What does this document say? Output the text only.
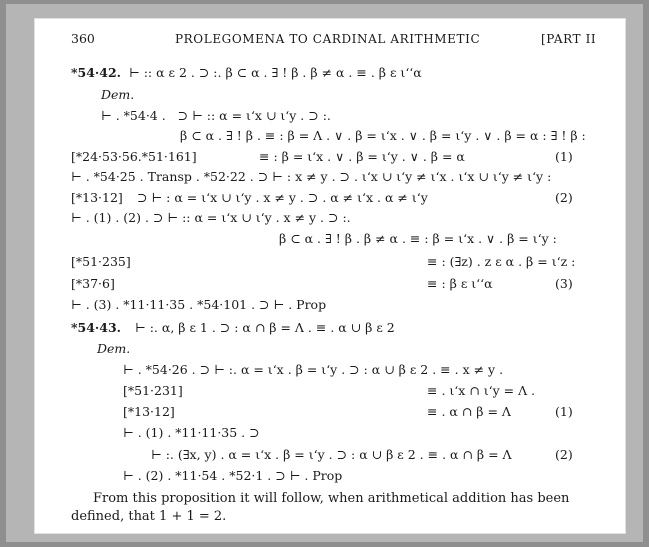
360	PROLEGOMENA TO CARDINAL ARITHMETIC	[PART II
*54·42. ⊢ :: α ε 2 . ⊃ :. β ⊂ α . ∃ ! β . β ≠ α . ≡ . β ε ι‘‘α
Dem.
⊢ . *54·4 .   ⊃ ⊢ :: α = ι‘x ∪ ι‘y . ⊃ :.
β ⊂ α . ∃ ! β . ≡ : β = Λ . ∨ . β = ι‘x . ∨ . β = ι‘y . ∨ . β = α : ∃ ! β :
[*24·53·56.*51·161]	≡ : β = ι‘x . ∨ . β = ι‘y . ∨ . β = α	(1)
⊢ . *54·25 . Transp . *52·22 . ⊃ ⊢ : x ≠ y . ⊃ . ι‘x ∪ ι‘y ≠ ι‘x . ι‘x ∪ ι‘y ≠ ι‘y :
[*13·12] ⊃ ⊢ : α = ι‘x ∪ ι‘y . x ≠ y . ⊃ . α ≠ ι‘x . α ≠ ι‘y	(2)
⊢ . (1) . (2) . ⊃ ⊢ :: α = ι‘x ∪ ι‘y . x ≠ y . ⊃ :.
β ⊂ α . ∃ ! β . β ≠ α . ≡ : β = ι‘x . ∨ . β = ι‘y :
[*51·235]	≡ : (∃z) . z ε α . β = ι‘z :
[*37·6]	≡ : β ε ι‘‘α	(3)
⊢ . (3) . *11·11·35 . *54·101 . ⊃ ⊢ . Prop
*54·43. ⊢ :. α, β ε 1 . ⊃ : α ∩ β = Λ . ≡ . α ∪ β ε 2
Dem.
⊢ . *54·26 . ⊃ ⊢ :. α = ι‘x . β = ι‘y . ⊃ : α ∪ β ε 2 . ≡ . x ≠ y .
[*51·231]	≡ . ι‘x ∩ ι‘y = Λ .
[*13·12]	≡ . α ∩ β = Λ	(1)
⊢ . (1) . *11·11·35 . ⊃
⊢ :. (∃x, y) . α = ι‘x . β = ι‘y . ⊃ : α ∪ β ε 2 . ≡ . α ∩ β = Λ	(2)
⊢ . (2) . *11·54 . *52·1 . ⊃ ⊢ . Prop
From this proposition it will follow, when arithmetical addition has been
defined, that 1 + 1 = 2.
